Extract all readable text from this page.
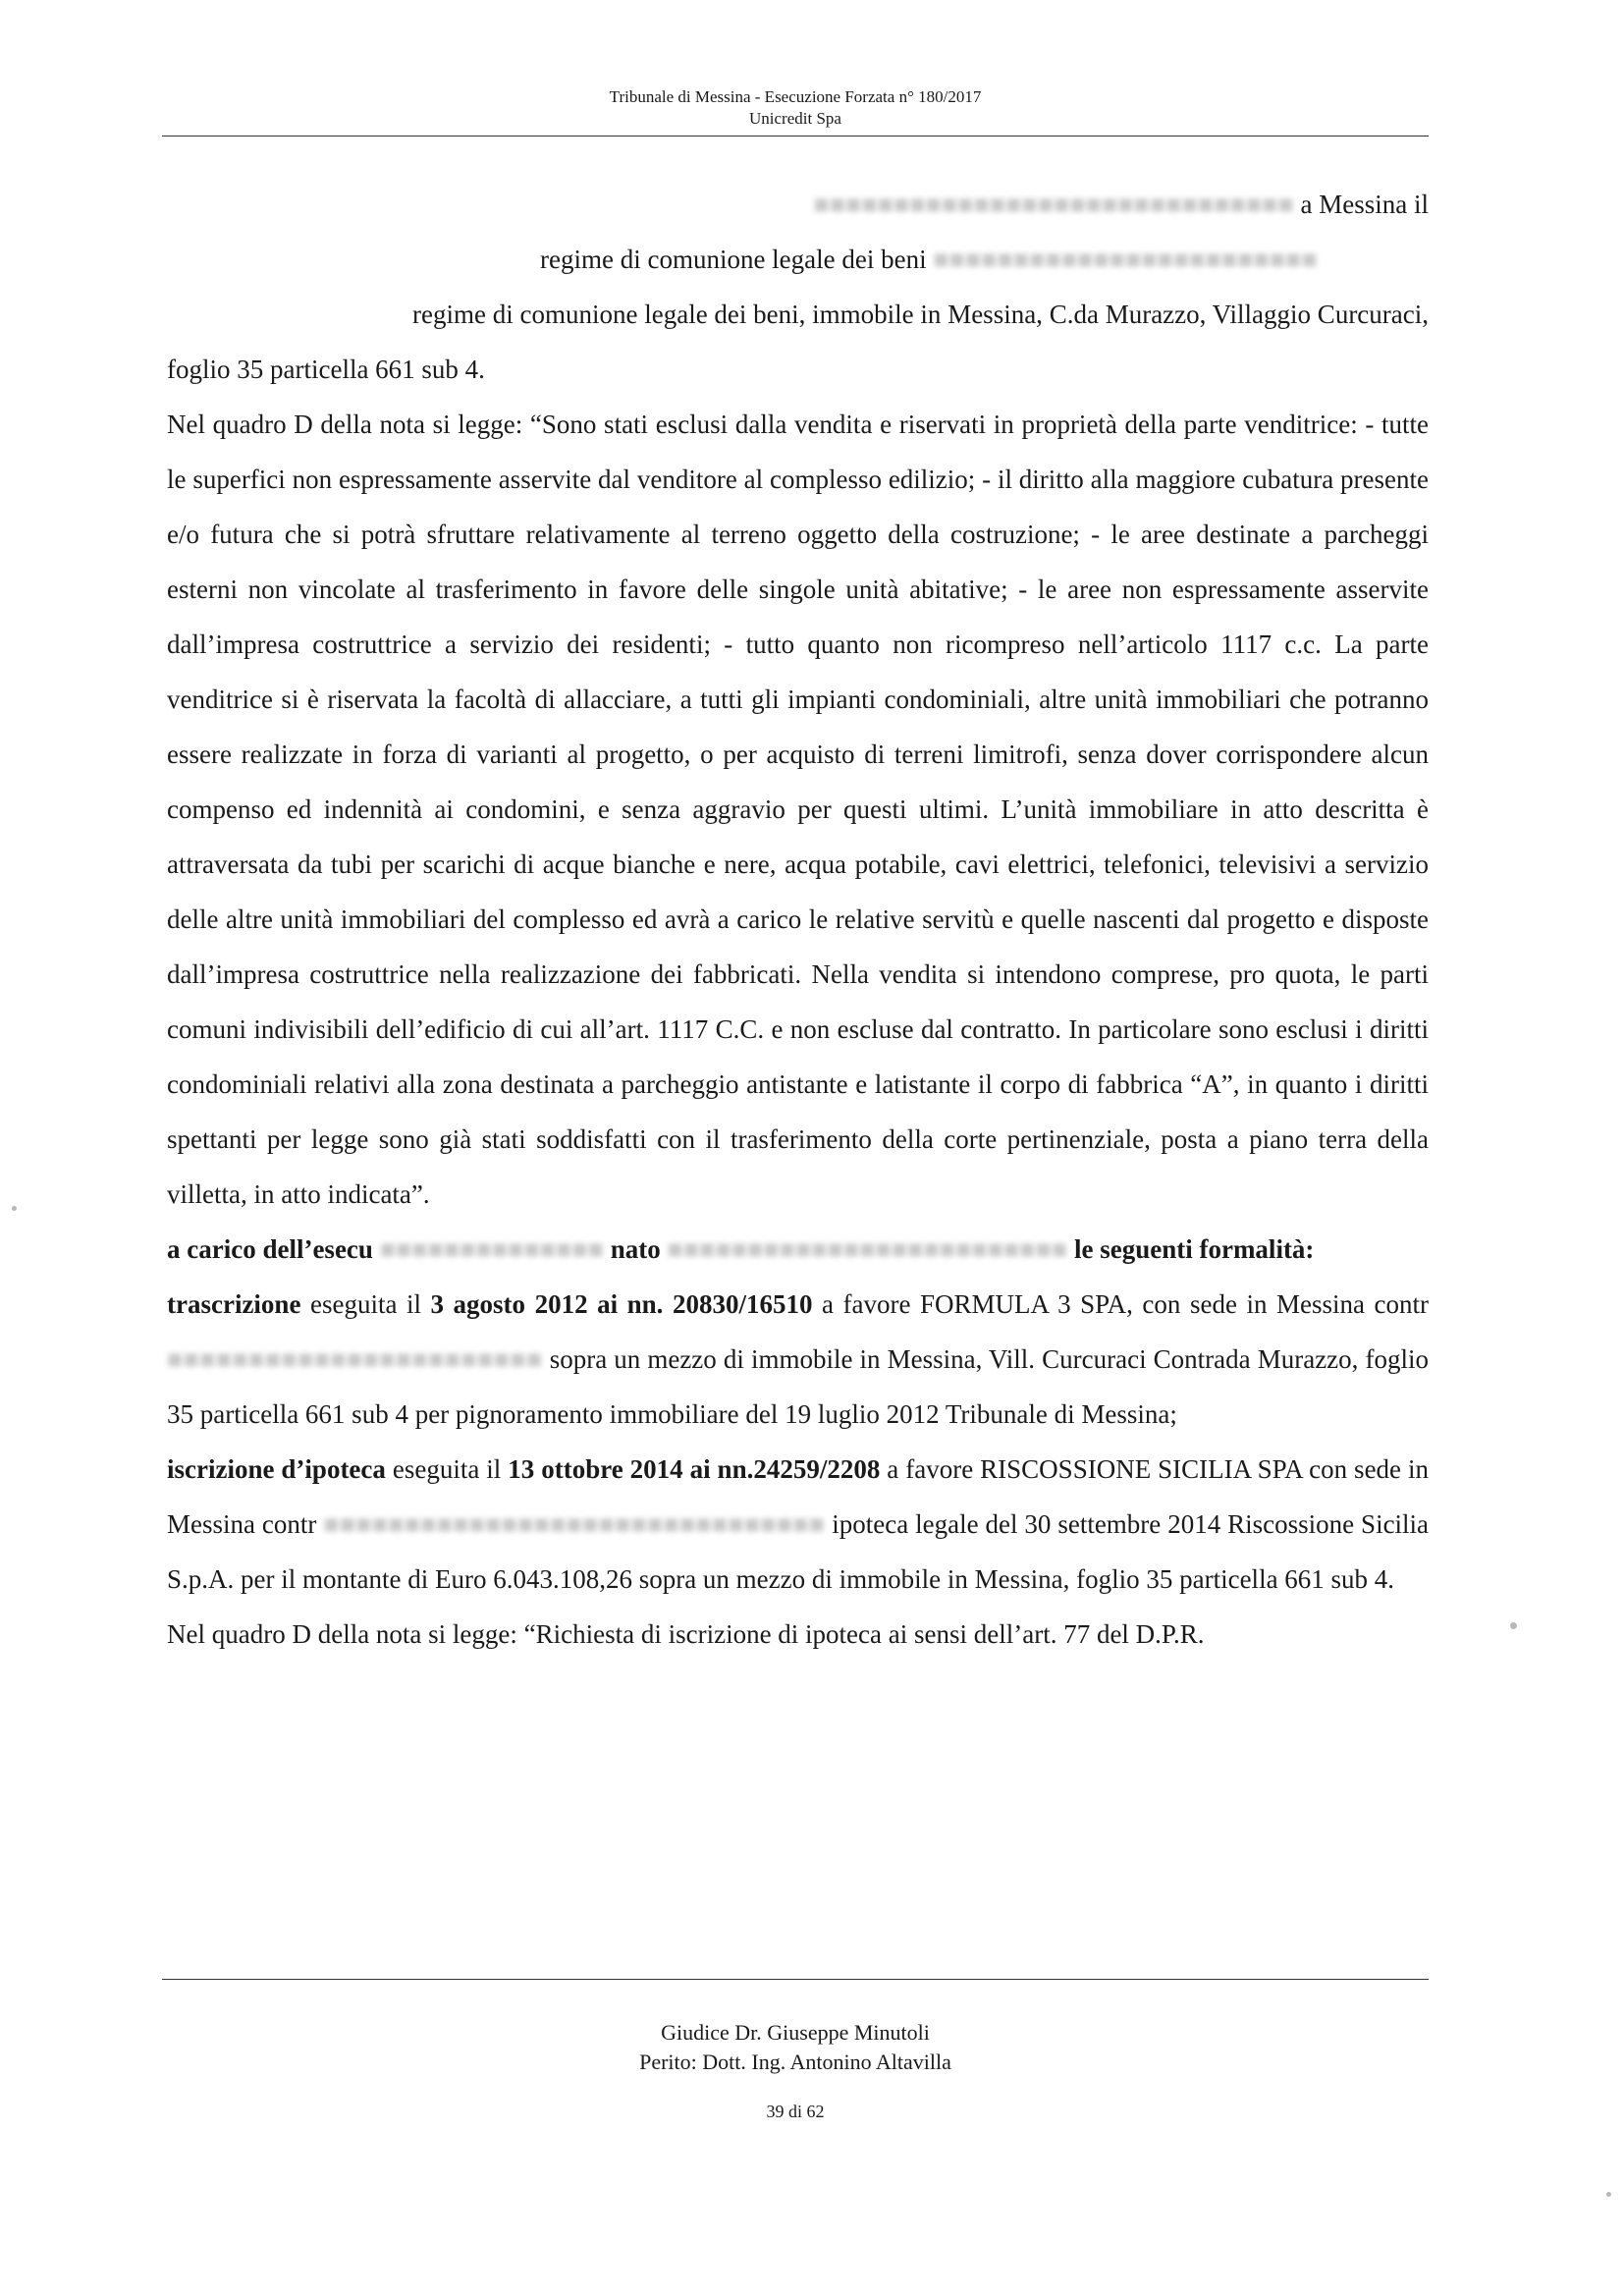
Tribunale di Messina - Esecuzione Forzata n° 180/2017
Unicredit Spa

■■■■■■■■■■■■■■■■■■■■■■■■■■■■■■ a Messina il

regime di comunione legale dei beni ■■■■■■■■■■■■■■■■■■■■■■■■

regime di comunione legale dei beni, immobile in Messina, C.da Murazzo, Villaggio Curcuraci, foglio 35 particella 661 sub 4.

Nel quadro D della nota si legge: “Sono stati esclusi dalla vendita e riservati in proprietà della parte venditrice: - tutte le superfici non espressamente asservite dal venditore al complesso edilizio; - il diritto alla maggiore cubatura presente e/o futura che si potrà sfruttare relativamente al terreno oggetto della costruzione; - le aree destinate a parcheggi esterni non vincolate al trasferimento in favore delle singole unità abitative; - le aree non espressamente asservite dall’impresa costruttrice a servizio dei residenti; - tutto quanto non ricompreso nell’articolo 1117 c.c. La parte venditrice si è riservata la facoltà di allacciare, a tutti gli impianti condominiali, altre unità immobiliari che potranno essere realizzate in forza di varianti al progetto, o per acquisto di terreni limitrofi, senza dover corrispondere alcun compenso ed indennità ai condomini, e senza aggravio per questi ultimi. L’unità immobiliare in atto descritta è attraversata da tubi per scarichi di acque bianche e nere, acqua potabile, cavi elettrici, telefonici, televisivi a servizio delle altre unità immobiliari del complesso ed avrà a carico le relative servitù e quelle nascenti dal progetto e disposte dall’impresa costruttrice nella realizzazione dei fabbricati. Nella vendita si intendono comprese, pro quota, le parti comuni indivisibili dell’edificio di cui all’art. 1117 C.C. e non escluse dal contratto. In particolare sono esclusi i diritti condominiali relativi alla zona destinata a parcheggio antistante e latistante il corpo di fabbrica “A”, in quanto i diritti spettanti per legge sono già stati soddisfatti con il trasferimento della corte pertinenziale, posta a piano terra della villetta, in atto indicata”.

a carico dell’esecu ■■■■■■■■■■■■■■ nato ■■■■■■■■■■■■■■■■■■■■■■■■■ le seguenti formalità:

trascrizione eseguita il 3 agosto 2012 ai nn. 20830/16510 a favore FORMULA 3 SPA, con sede in Messina contr ■■■■■■■■■■■■■■■■■■■■■■■ sopra un mezzo di immobile in Messina, Vill. Curcuraci Contrada Murazzo, foglio 35 particella 661 sub 4 per pignoramento immobiliare del 19 luglio 2012 Tribunale di Messina;

iscrizione d’ipoteca eseguita il 13 ottobre 2014 ai nn.24259/2208 a favore RISCOSSIONE SICILIA SPA con sede in Messina contr ■■■■■■■■■■■■■■■■■■■■■■■■■■■■■■■ ipoteca legale del 30 settembre 2014 Riscossione Sicilia S.p.A. per il montante di Euro 6.043.108,26 sopra un mezzo di immobile in Messina, foglio 35 particella 661 sub 4.

Nel quadro D della nota si legge: “Richiesta di iscrizione di ipoteca ai sensi dell’art. 77 del D.P.R.

Giudice Dr. Giuseppe Minutoli
Perito: Dott. Ing. Antonino Altavilla
39 di 62
